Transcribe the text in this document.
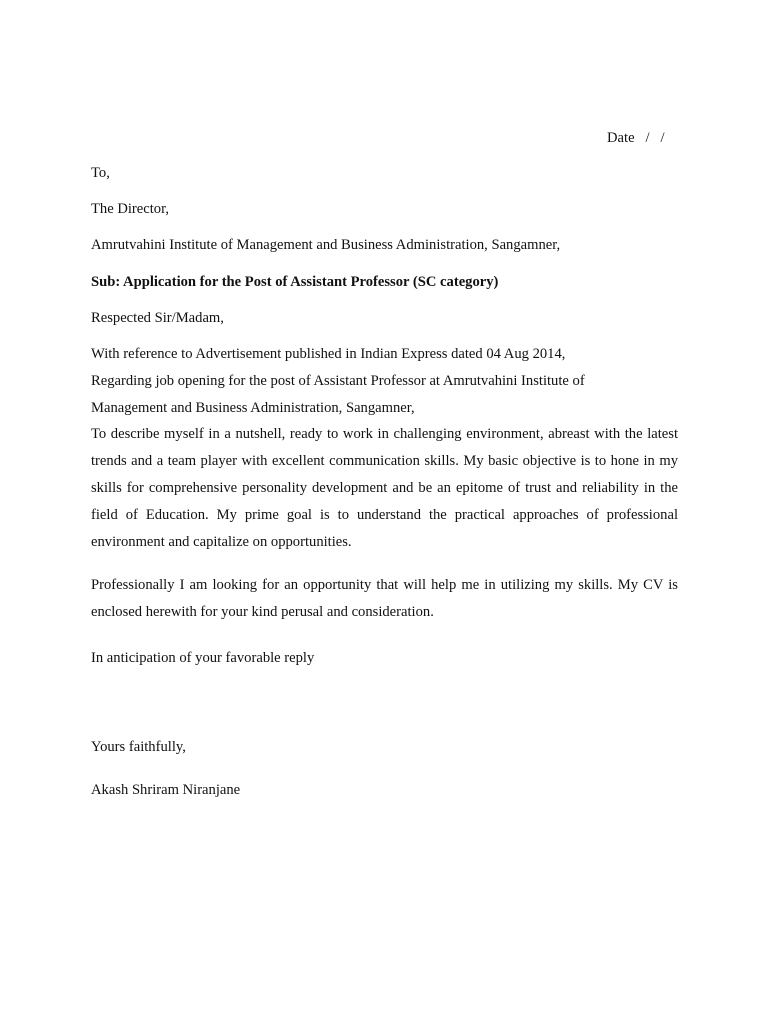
Date   /   /
To,
The Director,
Amrutvahini Institute of Management and Business Administration, Sangamner,
Sub: Application for the Post of Assistant Professor (SC category)
Respected Sir/Madam,
With reference to Advertisement published in Indian Express dated 04 Aug 2014,
Regarding job opening for the post of Assistant Professor at Amrutvahini Institute of
Management and Business Administration, Sangamner,

To describe myself in a nutshell, ready to work in challenging environment, abreast with the latest trends and a team player with excellent communication skills. My basic objective is to hone in my skills for comprehensive personality development and be an epitome of trust and reliability in the field of Education. My prime goal is to understand the practical approaches of professional environment and capitalize on opportunities.

Professionally I am looking for an opportunity that will help me in utilizing my skills. My CV is enclosed herewith for your kind perusal and consideration.

In anticipation of your favorable reply
Yours faithfully,
Akash Shriram Niranjane
